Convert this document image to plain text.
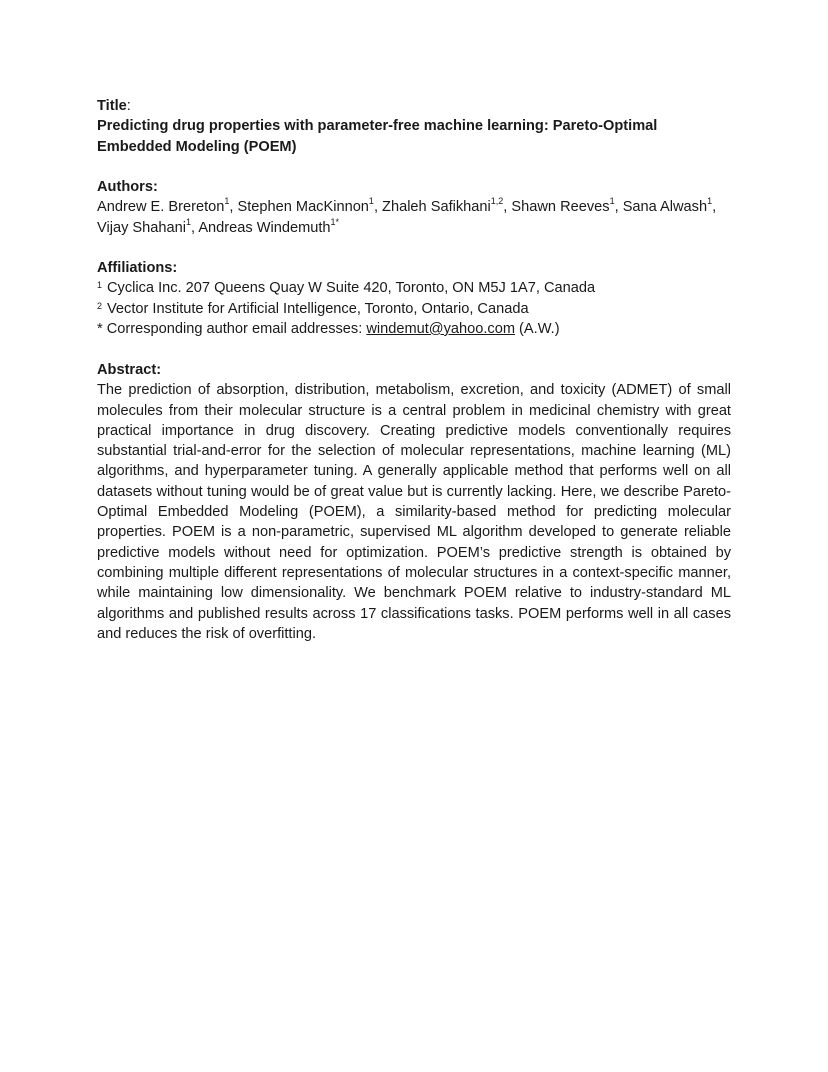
Title:

Predicting drug properties with parameter-free machine learning: Pareto-Optimal Embedded Modeling (POEM)

Authors:

Andrew E. Brereton$^1$, Stephen MacKinnon$^1$, Zhaleh Safikhani$^{1,2}$, Shawn Reeves$^1$, Sana Alwash$^1$,
Vijay Shahani$^1$, Andreas Windemuth$^{1*}$

Affiliations:
1 Cyclica Inc. 207 Queens Quay W Suite 420, Toronto, ON M5J 1A7, Canada
2 Vector Institute for Artificial Intelligence, Toronto, Ontario, Canada
* Corresponding author email addresses: windemut@yahoo.com (A.W.)
Abstract:

The prediction of absorption, distribution, metabolism, excretion, and toxicity (ADMET) of small molecules from their molecular structure is a central problem in medicinal chemistry with great practical importance in drug discovery. Creating predictive models conventionally requires substantial trial-and-error for the selection of molecular representations, machine learning (ML) algorithms, and hyperparameter tuning. A generally applicable method that performs well on all datasets without tuning would be of great value but is currently lacking. Here, we describe Pareto-Optimal Embedded Modeling (POEM), a similarity-based method for predicting molecular properties. POEM is a non-parametric, supervised ML algorithm developed to generate reliable predictive models without need for optimization. POEM’s predictive strength is obtained by combining multiple different representations of molecular structures in a context-specific manner, while maintaining low dimensionality. We benchmark POEM relative to industry-standard ML algorithms and published results across 17 classifications tasks. POEM performs well in all cases and reduces the risk of overfitting.
